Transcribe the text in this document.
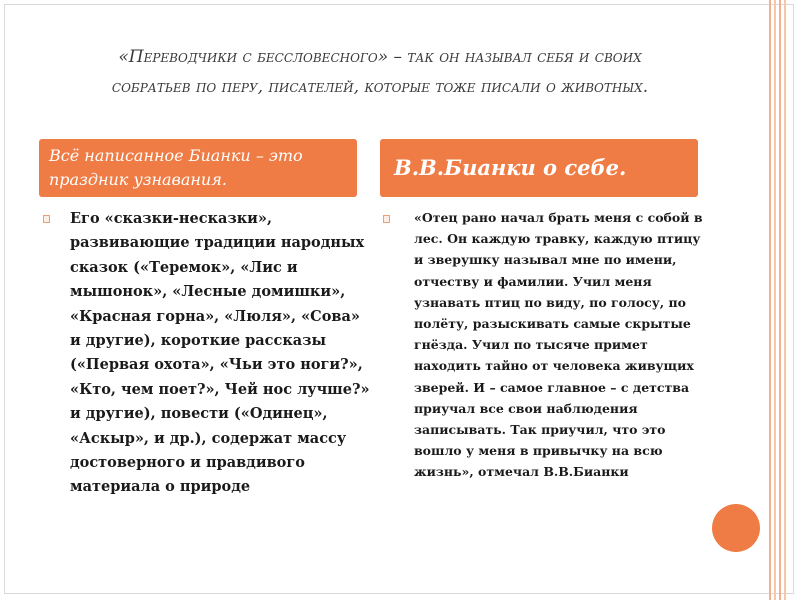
«Переводчики с бессловесного» – так он называл себя и своих собратьев по перу, писателей, которые тоже писали о животных.

Всё написанное Бианки – это праздник узнавания.	В.В.Бианки о себе.

Его «сказки-несказки», развивающие традиции народных сказок («Теремок», «Лис и мышонок», «Лесные домишки», «Красная горна», «Люля», «Сова» и другие), короткие рассказы («Первая охота», «Чьи это ноги?», «Кто, чем поет?», Чей нос лучше?» и другие), повести («Одинец», «Аскыр», и др.), содержат массу достоверного и правдивого материала о природе

«Отец рано начал брать меня с собой в лес. Он каждую травку, каждую птицу и зверушку называл мне по имени, отчеству и фамилии. Учил меня узнавать птиц по виду, по голосу, по полёту, разыскивать самые скрытые гнёзда. Учил по тысяче примет находить тайно от человека живущих зверей. И – самое главное – с детства приучал все свои наблюдения записывать. Так приучил, что это вошло у меня в привычку на всю жизнь», отмечал В.В.Бианки
